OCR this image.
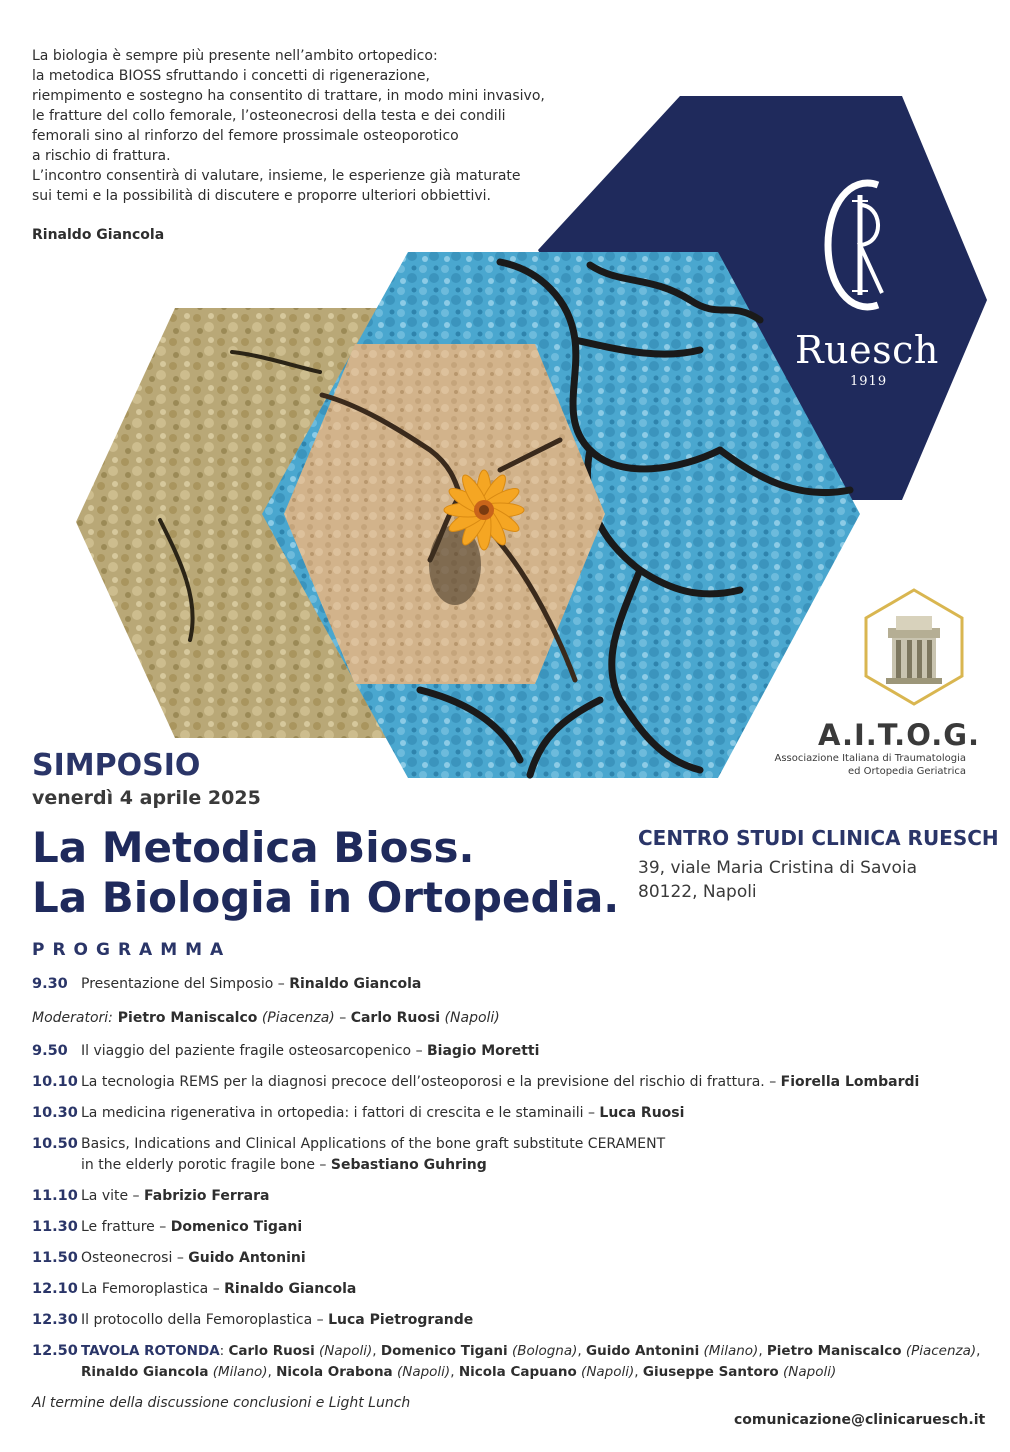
La biologia è sempre più presente nell’ambito ortopedico:
la metodica BIOSS sfruttando i concetti di rigenerazione,
riempimento e sostegno ha consentito di trattare, in modo mini invasivo,
le fratture del collo femorale, l’osteonecrosi della testa e dei condili
femorali sino al rinforzo del femore prossimale osteoporotico
a rischio di frattura.
L’incontro consentirà di valutare, insieme, le esperienze già maturate
sui temi e la possibilità di discutere e proporre ulteriori obbiettivi.

Rinaldo Giancola
Ruesch
1919
A.I.T.O.G.
Associazione Italiana di Traumatologia
ed Ortopedia Geriatrica
SIMPOSIO
venerdì 4 aprile 2025
La Metodica Bioss.
La Biologia in Ortopedia.
CENTRO STUDI CLINICA RUESCH
39, viale Maria Cristina di Savoia
80122, Napoli
PROGRAMMA
9.30 Presentazione del Simposio – Rinaldo Giancola
Moderatori: Pietro Maniscalco (Piacenza) – Carlo Ruosi (Napoli)
9.50 Il viaggio del paziente fragile osteosarcopenico – Biagio Moretti
10.10 La tecnologia REMS per la diagnosi precoce dell’osteoporosi e la previsione del rischio di frattura. – Fiorella Lombardi
10.30 La medicina rigenerativa in ortopedia: i fattori di crescita e le staminaili – Luca Ruosi
10.50 Basics, Indications and Clinical Applications of the bone graft substitute CERAMENT
in the elderly porotic fragile bone – Sebastiano Guhring
11.10 La vite – Fabrizio Ferrara
11.30 Le fratture – Domenico Tigani
11.50 Osteonecrosi – Guido Antonini
12.10 La Femoroplastica – Rinaldo Giancola
12.30 Il protocollo della Femoroplastica – Luca Pietrogrande
12.50 TAVOLA ROTONDA: Carlo Ruosi (Napoli), Domenico Tigani (Bologna), Guido Antonini (Milano), Pietro Maniscalco (Piacenza),
Rinaldo Giancola (Milano), Nicola Orabona (Napoli), Nicola Capuano (Napoli), Giuseppe Santoro (Napoli)
Al termine della discussione conclusioni e Light Lunch
comunicazione@clinicaruesch.it
